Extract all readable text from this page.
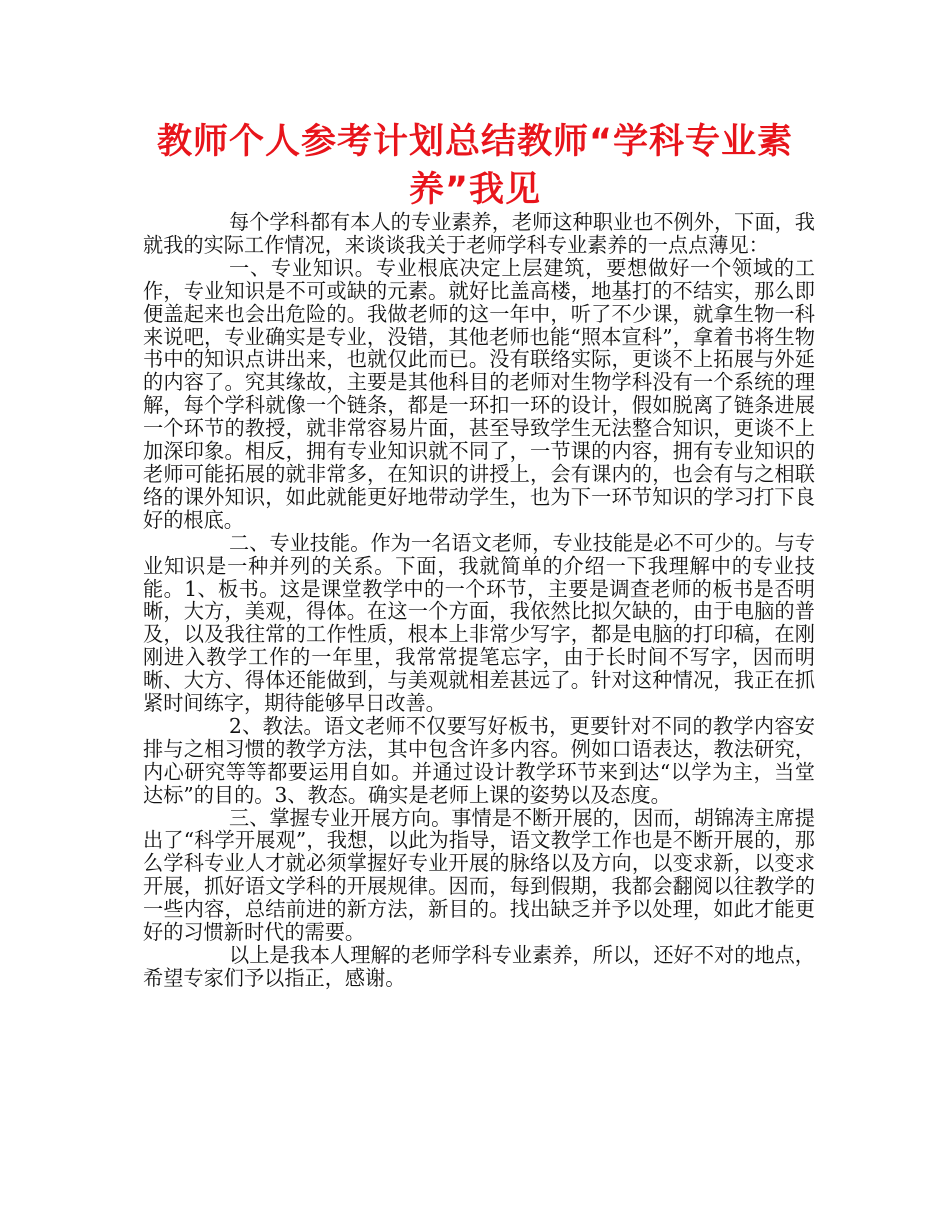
教师个人参考计划总结教师“学科专业素养”我见

每个学科都有本人的专业素养，老师这种职业也不例外，下面，我就我的实际工作情况，来谈谈我关于老师学科专业素养的一点点薄见：

一、专业知识。专业根底决定上层建筑，要想做好一个领域的工作，专业知识是不可或缺的元素。就好比盖高楼，地基打的不结实，那么即便盖起来也会出危险的。我做老师的这一年中，听了不少课，就拿生物一科来说吧，专业确实是专业，没错，其他老师也能“照本宣科”，拿着书将生物书中的知识点讲出来，也就仅此而已。没有联络实际，更谈不上拓展与外延的内容了。究其缘故，主要是其他科目的老师对生物学科没有一个系统的理解，每个学科就像一个链条，都是一环扣一环的设计，假如脱离了链条进展一个环节的教授，就非常容易片面，甚至导致学生无法整合知识，更谈不上加深印象。相反，拥有专业知识就不同了，一节课的内容，拥有专业知识的老师可能拓展的就非常多，在知识的讲授上，会有课内的，也会有与之相联络的课外知识，如此就能更好地带动学生，也为下一环节知识的学习打下良好的根底。

二、专业技能。作为一名语文老师，专业技能是必不可少的。与专业知识是一种并列的关系。下面，我就简单的介绍一下我理解中的专业技能。1、板书。这是课堂教学中的一个环节，主要是调查老师的板书是否明晰，大方，美观，得体。在这一个方面，我依然比拟欠缺的，由于电脑的普及，以及我往常的工作性质，根本上非常少写字，都是电脑的打印稿，在刚刚进入教学工作的一年里，我常常提笔忘字，由于长时间不写字，因而明晰、大方、得体还能做到，与美观就相差甚远了。针对这种情况，我正在抓紧时间练字，期待能够早日改善。

2、教法。语文老师不仅要写好板书，更要针对不同的教学内容安排与之相习惯的教学方法，其中包含许多内容。例如口语表达，教法研究，内心研究等等都要运用自如。并通过设计教学环节来到达“以学为主，当堂达标”的目的。3、教态。确实是老师上课的姿势以及态度。

三、掌握专业开展方向。事情是不断开展的，因而，胡锦涛主席提出了“科学开展观”，我想，以此为指导，语文教学工作也是不断开展的，那么学科专业人才就必须掌握好专业开展的脉络以及方向，以变求新，以变求开展，抓好语文学科的开展规律。因而，每到假期，我都会翻阅以往教学的一些内容，总结前进的新方法，新目的。找出缺乏并予以处理，如此才能更好的习惯新时代的需要。

以上是我本人理解的老师学科专业素养，所以，还好不对的地点，希望专家们予以指正，感谢。
